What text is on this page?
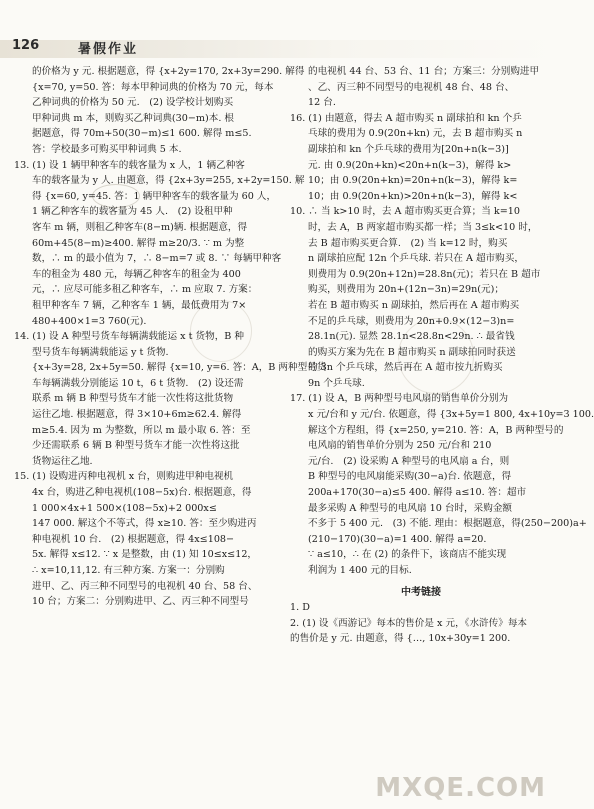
126	暑假作业
的价格为 y 元. 根据题意，得 {x+2y=170, 2x+3y=290. 解得
{x=70, y=50. 答：每本甲种词典的价格为 70 元，每本
乙种词典的价格为 50 元.　(2) 设学校计划购买
甲种词典 m 本，则购买乙种词典(30−m)本. 根
据题意，得 70m+50(30−m)≤1 600. 解得 m≤5.
答：学校最多可购买甲种词典 5 本.
13. (1) 设 1 辆甲种客车的载客量为 x 人，1 辆乙种客
车的载客量为 y 人. 由题意，得 {2x+3y=255, x+2y=150. 解
得 {x=60, y=45. 答：1 辆甲种客车的载客量为 60 人，
1 辆乙种客车的载客量为 45 人.　(2) 设租甲种
客车 m 辆，则租乙种客车(8−m)辆. 根据题意，得
60m+45(8−m)≥400. 解得 m≥20/3. ∵ m 为整
数，∴ m 的最小值为 7，∴ 8−m=7 或 8. ∵ 每辆甲种客
车的租金为 480 元，每辆乙种客车的租金为 400
元，∴ 应尽可能多租乙种客车，∴ m 应取 7. 方案：
租甲种客车 7 辆，乙种客车 1 辆，最低费用为 7×
480+400×1=3 760(元).
14. (1) 设 A 种型号货车每辆满载能运 x t 货物，B 种
型号货车每辆满载能运 y t 货物.
{x+3y=28, 2x+5y=50. 解得 {x=10, y=6. 答：A，B 两种型号货
车每辆满载分别能运 10 t，6 t 货物.　(2) 设还需
联系 m 辆 B 种型号货车才能一次性将这批货物
运往乙地. 根据题意，得 3×10+6m≥62.4. 解得
m≥5.4. 因为 m 为整数，所以 m 最小取 6. 答：至
少还需联系 6 辆 B 种型号货车才能一次性将这批
货物运往乙地.
15. (1) 设购进丙种电视机 x 台，则购进甲种电视机
4x 台，购进乙种电视机(108−5x)台. 根据题意，得
1 000×4x+1 500×(108−5x)+2 000x≤
147 000. 解这个不等式，得 x≥10. 答：至少购进丙
种电视机 10 台.　(2) 根据题意，得 4x≤108−
5x. 解得 x≤12. ∵ x 是整数，由 (1) 知 10≤x≤12，
∴ x=10,11,12. 有三种方案. 方案一：分别购
进甲、乙、丙三种不同型号的电视机 40 台、58 台、
10 台；方案二：分别购进甲、乙、丙三种不同型号
的电视机 44 台、53 台、11 台；方案三：分别购进甲
、乙、丙三种不同型号的电视机 48 台、48 台、
12 台.
16. (1) 由题意，得去 A 超市购买 n 副球拍和 kn 个乒
乓球的费用为 0.9(20n+kn) 元，去 B 超市购买 n
副球拍和 kn 个乒乓球的费用为[20n+n(k−3)]
元. 由 0.9(20n+kn)<20n+n(k−3)，解得 k>
10；由 0.9(20n+kn)=20n+n(k−3)，解得 k=
10；由 0.9(20n+kn)>20n+n(k−3)，解得 k<
10. ∴ 当 k>10 时，去 A 超市购买更合算；当 k=10
时，去 A，B 两家超市购买都一样；当 3≤k<10 时，
去 B 超市购买更合算.　(2) 当 k=12 时，购买
n 副球拍应配 12n 个乒乓球. 若只在 A 超市购买，
则费用为 0.9(20n+12n)=28.8n(元)；若只在 B 超市
购买，则费用为 20n+(12n−3n)=29n(元)；
若在 B 超市购买 n 副球拍，然后再在 A 超市购买
不足的乒乓球，则费用为 20n+0.9×(12−3)n=
28.1n(元). 显然 28.1n<28.8n<29n. ∴ 最省钱
的购买方案为先在 B 超市购买 n 副球拍同时获送
的 3n 个乒乓球，然后再在 A 超市按九折购买
9n 个乒乓球.
17. (1) 设 A，B 两种型号电风扇的销售单价分别为
x 元/台和 y 元/台. 依题意，得 {3x+5y=1 800, 4x+10y=3 100.
解这个方程组，得 {x=250, y=210. 答：A，B 两种型号的
电风扇的销售单价分别为 250 元/台和 210
元/台.　(2) 设采购 A 种型号的电风扇 a 台，则
B 种型号的电风扇能采购(30−a)台. 依题意，得
200a+170(30−a)≤5 400. 解得 a≤10. 答：超市
最多采购 A 种型号的电风扇 10 台时，采购金额
不多于 5 400 元.　(3) 不能. 理由：根据题意，得(250−200)a+
(210−170)(30−a)=1 400. 解得 a=20.
∵ a≤10，∴ 在 (2) 的条件下，该商店不能实现
利润为 1 400 元的目标.
中考链接
1. D
2. (1) 设《西游记》每本的售价是 x 元，《水浒传》每本
的售价是 y 元. 由题意，得 {…, 10x+30y=1 200.
MXQE.COM
